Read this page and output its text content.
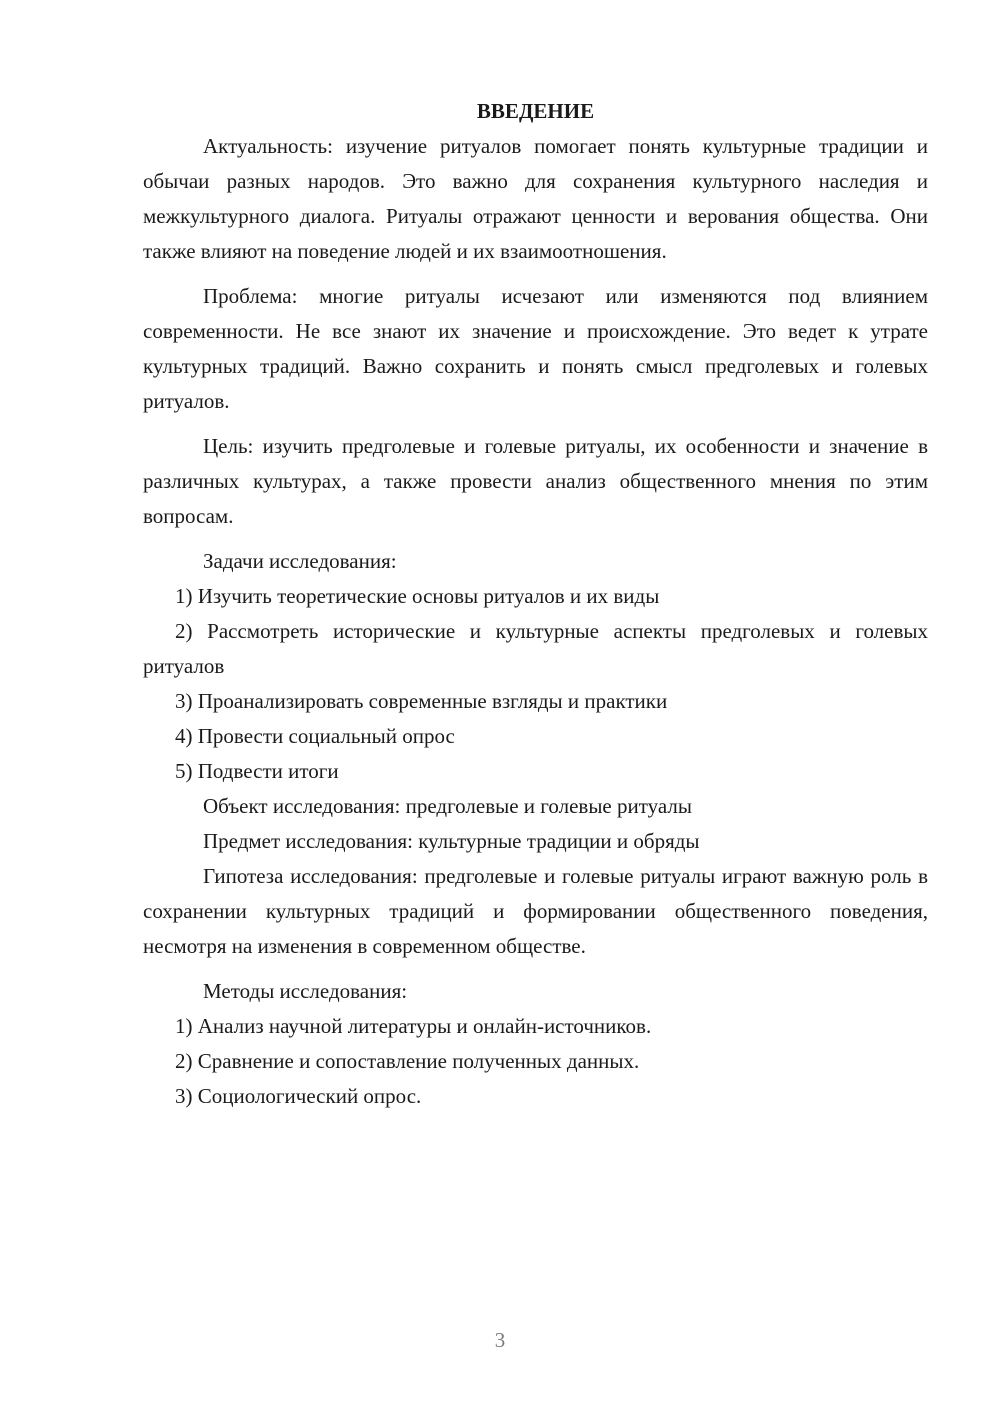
ВВЕДЕНИЕ

Актуальность: изучение ритуалов помогает понять культурные традиции и обычаи разных народов. Это важно для сохранения культурного наследия и межкультурного диалога. Ритуалы отражают ценности и верования общества. Они также влияют на поведение людей и их взаимоотношения.

Проблема: многие ритуалы исчезают или изменяются под влиянием современности. Не все знают их значение и происхождение. Это ведет к утрате культурных традиций. Важно сохранить и понять смысл предголевых и голевых ритуалов.

Цель: изучить предголевые и голевые ритуалы, их особенности и значение в различных культурах, а также провести анализ общественного мнения по этим вопросам.

Задачи исследования:

1) Изучить теоретические основы ритуалов и их виды

2) Рассмотреть исторические и культурные аспекты предголевых и голевых ритуалов

3) Проанализировать современные взгляды и практики

4) Провести социальный опрос

5) Подвести итоги

Объект исследования: предголевые и голевые ритуалы

Предмет исследования: культурные традиции и обряды

Гипотеза исследования: предголевые и голевые ритуалы играют важную роль в сохранении культурных традиций и формировании общественного поведения, несмотря на изменения в современном обществе.

Методы исследования:

1) Анализ научной литературы и онлайн-источников.

2) Сравнение и сопоставление полученных данных.

3) Социологический опрос.

3
